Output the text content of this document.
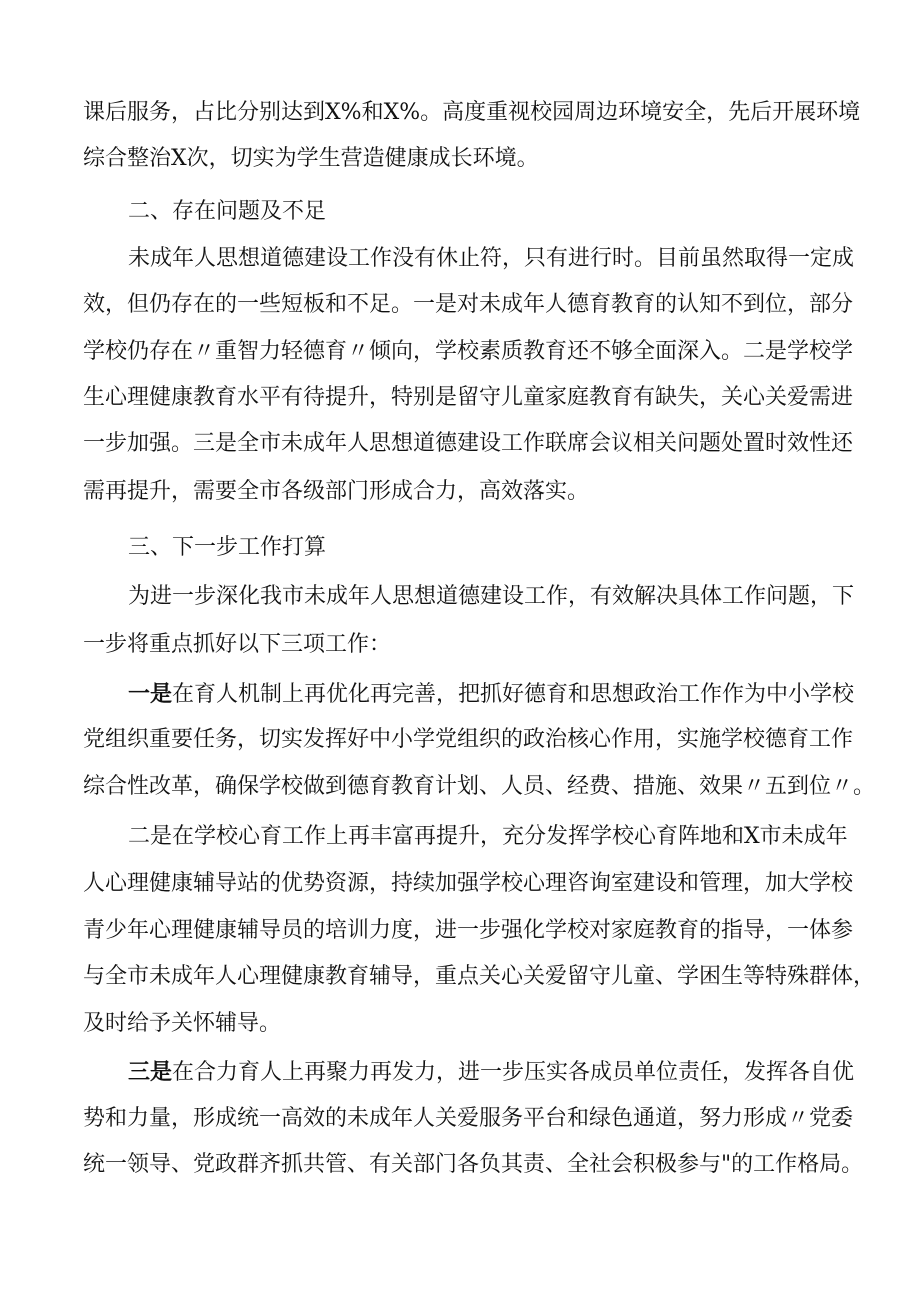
课后服务，占比分别达到X%和X%。高度重视校园周边环境安全，先后开展环境
综合整治X次，切实为学生营造健康成长环境。
二、存在问题及不足
未成年人思想道德建设工作没有休止符，只有进行时。目前虽然取得一定成
效，但仍存在的一些短板和不足。一是对未成年人德育教育的认知不到位，部分
学校仍存在〃重智力轻德育〃倾向，学校素质教育还不够全面深入。二是学校学
生心理健康教育水平有待提升，特别是留守儿童家庭教育有缺失，关心关爱需进
一步加强。三是全市未成年人思想道德建设工作联席会议相关问题处置时效性还
需再提升，需要全市各级部门形成合力，高效落实。
三、下一步工作打算
为进一步深化我市未成年人思想道德建设工作，有效解决具体工作问题，下
一步将重点抓好以下三项工作：
一是在育人机制上再优化再完善，把抓好德育和思想政治工作作为中小学校
党组织重要任务，切实发挥好中小学党组织的政治核心作用，实施学校德育工作
综合性改革，确保学校做到德育教育计划、人员、经费、措施、效果〃五到位〃。
二是在学校心育工作上再丰富再提升，充分发挥学校心育阵地和X市未成年
人心理健康辅导站的优势资源，持续加强学校心理咨询室建设和管理，加大学校
青少年心理健康辅导员的培训力度，进一步强化学校对家庭教育的指导，一体参
与全市未成年人心理健康教育辅导，重点关心关爱留守儿童、学困生等特殊群体，
及时给予关怀辅导。
三是在合力育人上再聚力再发力，进一步压实各成员单位责任，发挥各自优
势和力量，形成统一高效的未成年人关爱服务平台和绿色通道，努力形成〃党委
统一领导、党政群齐抓共管、有关部门各负其责、全社会积极参与"的工作格局。
